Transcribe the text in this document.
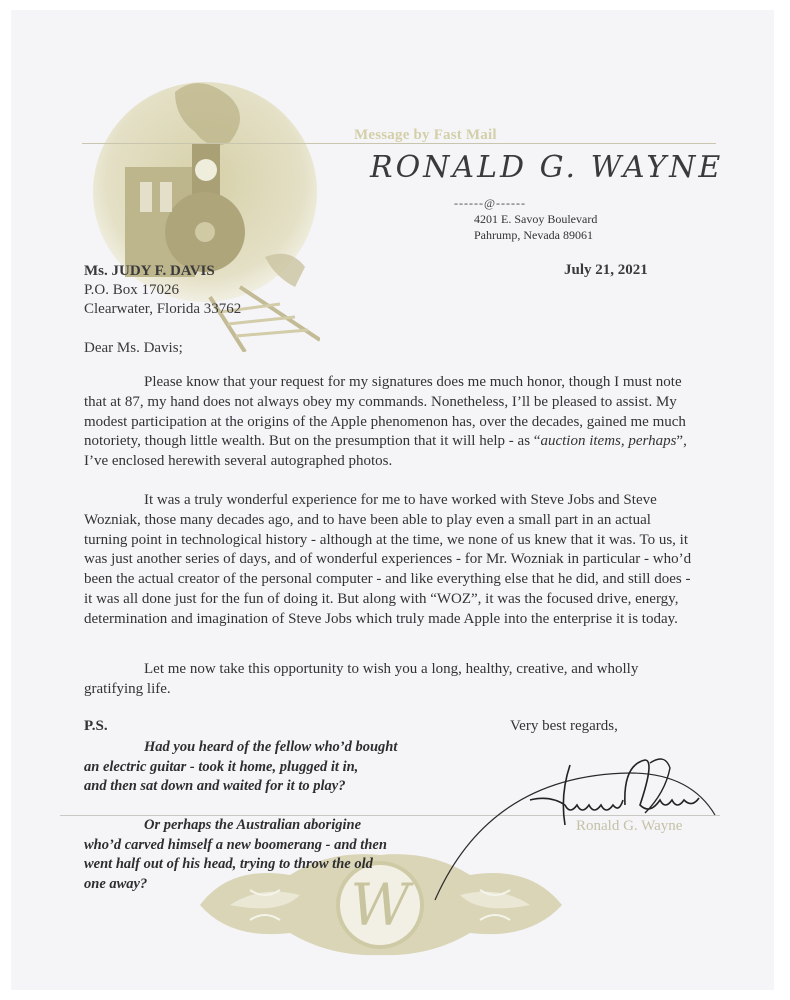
Message by Fast Mail
RONALD G. WAYNE
------@------
4201 E. Savoy Boulevard
Pahrump, Nevada 89061
Ms. JUDY F. DAVIS
P.O. Box 17026
Clearwater, Florida 33762
July 21, 2021
Dear Ms. Davis;
Please know that your request for my signatures does me much honor, though I must note that at 87, my hand does not always obey my commands. Nonetheless, I’ll be pleased to assist. My modest participation at the origins of the Apple phenomenon has, over the decades, gained me much notoriety, though little wealth. But on the presumption that it will help - as “auction items, perhaps”, I’ve enclosed herewith several autographed photos.
It was a truly wonderful experience for me to have worked with Steve Jobs and Steve Wozniak, those many decades ago, and to have been able to play even a small part in an actual turning point in technological history - although at the time, we none of us knew that it was. To us, it was just another series of days, and of wonderful experiences - for Mr. Wozniak in particular - who’d been the actual creator of the personal computer - and like everything else that he did, and still does - it was all done just for the fun of doing it. But along with “WOZ”, it was the focused drive, energy, determination and imagination of Steve Jobs which truly made Apple into the enterprise it is today.
Let me now take this opportunity to wish you a long, healthy, creative, and wholly gratifying life.
P.S.
Had you heard of the fellow who’d bought
an electric guitar - took it home, plugged it in,
and then sat down and waited for it to play?
W
Or perhaps the Australian aborigine
who’d carved himself a new boomerang - and then
went half out of his head, trying to throw the old
one away?
Very best regards,
Ronald G. Wayne
